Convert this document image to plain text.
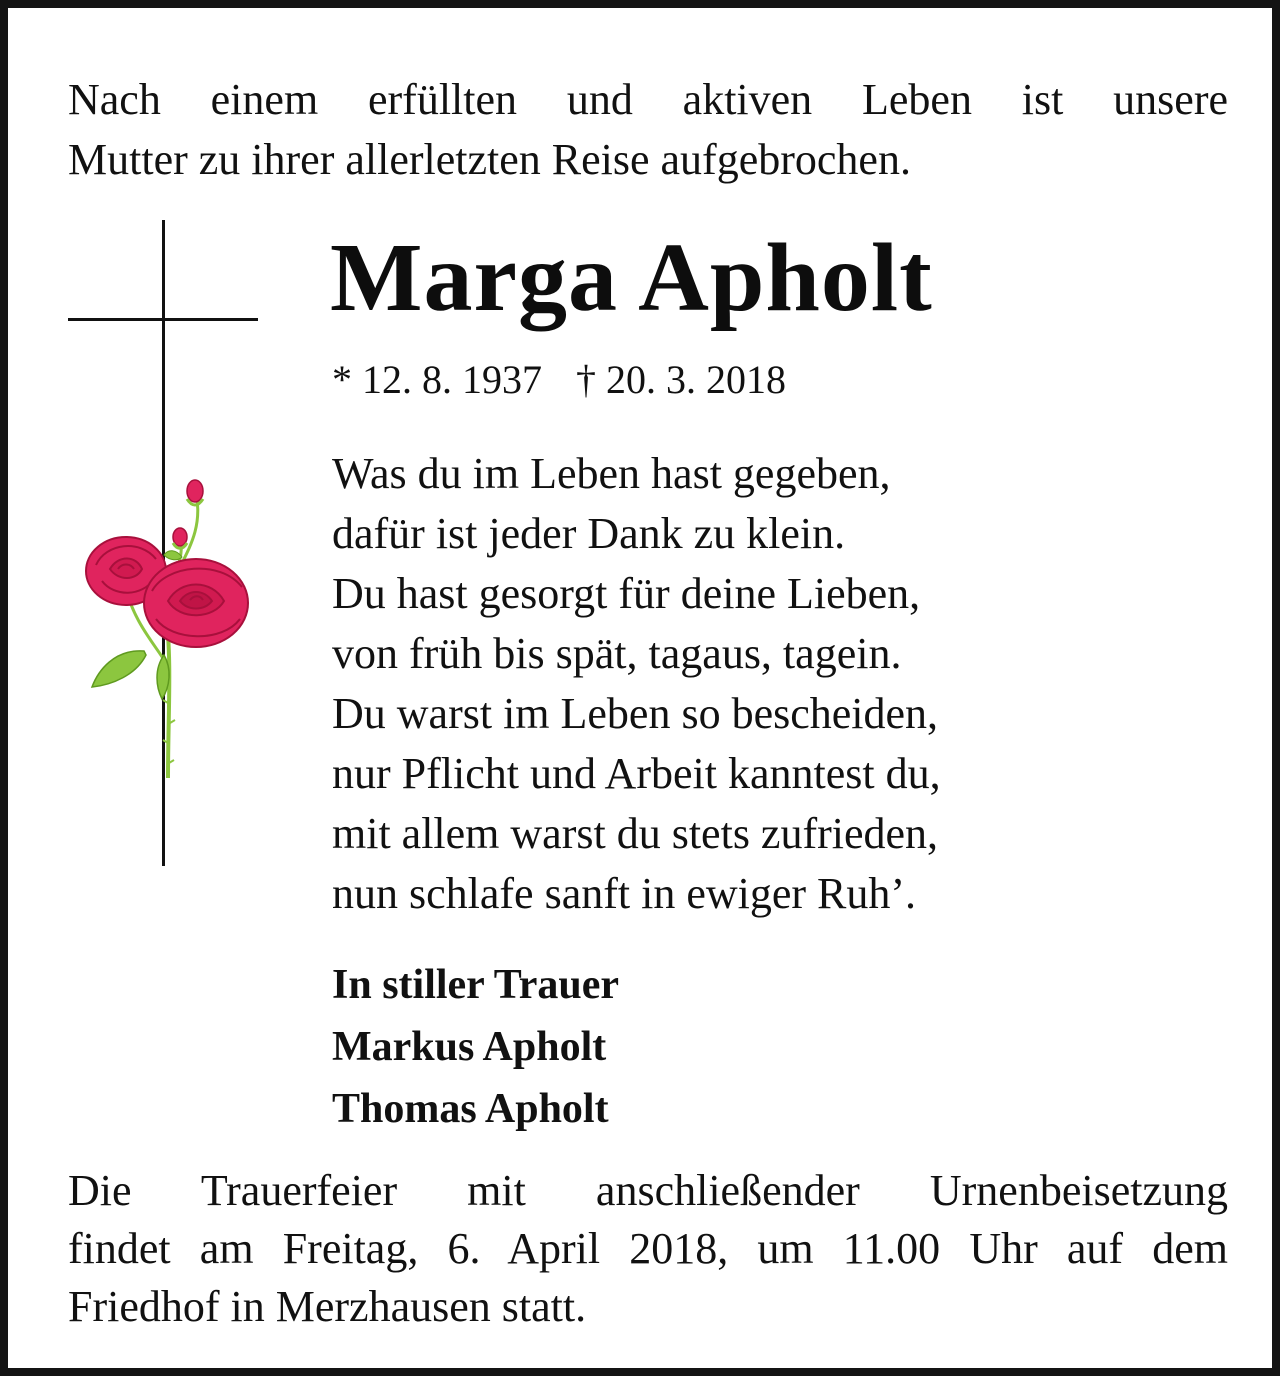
Nach einem erfüllten und aktiven Leben ist unsere
Mutter zu ihrer allerletzten Reise aufgebrochen.
Marga Apholt
* 12. 8. 1937 † 20. 3. 2018
Was du im Leben hast gegeben,
dafür ist jeder Dank zu klein.
Du hast gesorgt für deine Lieben,
von früh bis spät, tagaus, tagein.
Du warst im Leben so bescheiden,
nur Pflicht und Arbeit kanntest du,
mit allem warst du stets zufrieden,
nun schlafe sanft in ewiger Ruh’.
In stiller Trauer
Markus Apholt
Thomas Apholt
Die Trauerfeier mit anschließender Urnenbeisetzung
findet am Freitag, 6. April 2018, um 11.00 Uhr auf dem
Friedhof in Merzhausen statt.
